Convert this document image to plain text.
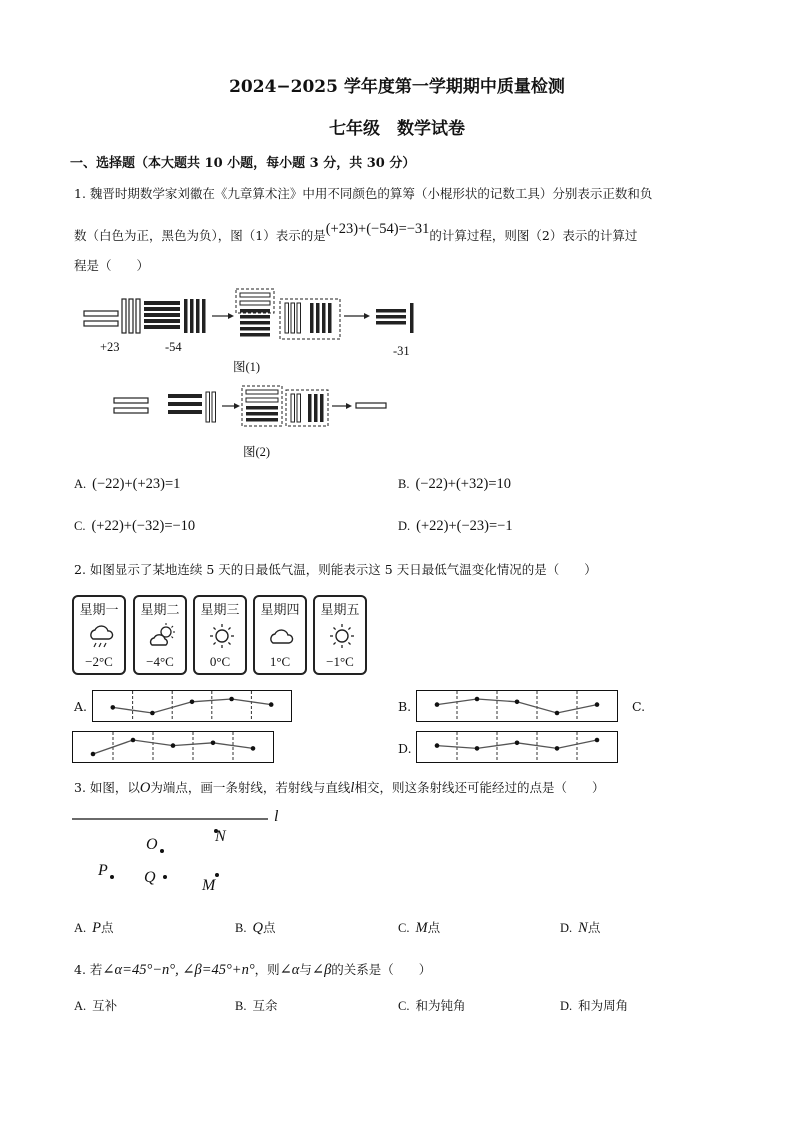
2024−2025 学年度第一学期期中质量检测
七年级　数学试卷
一、选择题（本大题共 10 小题，每小题 3 分，共 30 分）
1. 魏晋时期数学家刘徽在《九章算术注》中用不同颜色的算筹（小棍形状的记数工具）分别表示正数和负
数（白色为正，黑色为负），图（1）表示的是(+23)+(−54)=−31的计算过程，则图（2）表示的计算过
程是（　　）
+23	-54	-31
图(1)
图(2)
A. (−22)+(+23)=1	B. (−22)+(+32)=10
C. (+22)+(−32)=−10	D. (+22)+(−23)=−1
2. 如图显示了某地连续 5 天的日最低气温，则能表示这 5 天日最低气温变化情况的是（　　）
星期一
−2°C
星期二
−4°C
星期三
0°C
星期四
1°C
星期五
−1°C
A.	B.	C.
D.
3. 如图，以O为端点，画一条射线，若射线与直线l相交，则这条射线还可能经过的点是（　　）
l
N
O
P Q	M
A. P点	B. Q点	C. M点	D. N点
4. 若∠α=45°−n°, ∠β=45°+n°，则∠α与∠β的关系是（　　）
A. 互补	B. 互余	C. 和为钝角	D. 和为周角
